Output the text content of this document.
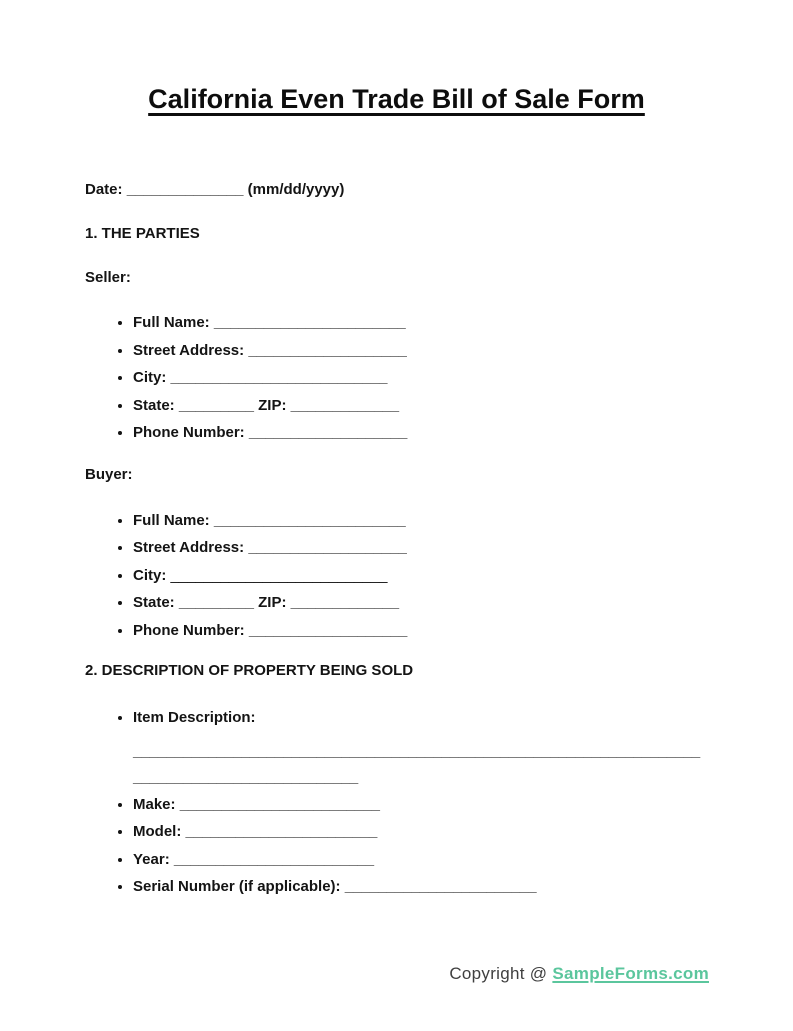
California Even Trade Bill of Sale Form

Date: ______________ (mm/dd/yyyy)

1. THE PARTIES

Seller:

• Full Name: _______________________
• Street Address: ___________________
• City: __________________________
• State: _________ ZIP: _____________
• Phone Number: ___________________

Buyer:

• Full Name: _______________________
• Street Address: ___________________
• City: __________________________
• State: _________ ZIP: _____________
• Phone Number: ___________________

2. DESCRIPTION OF PROPERTY BEING SOLD

• Item Description:
____________________________________________________________________
___________________________
• Make: ________________________
• Model: _______________________
• Year: ________________________
• Serial Number (if applicable): _______________________
Copyright @ SampleForms.com
